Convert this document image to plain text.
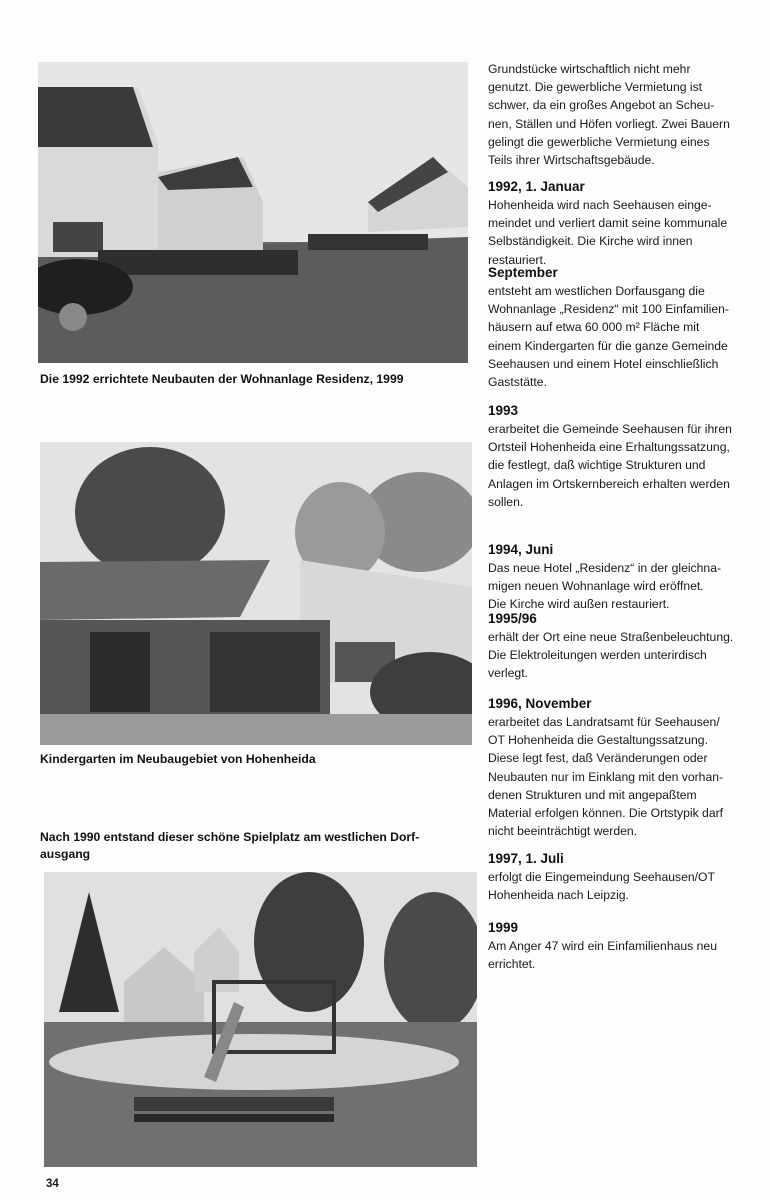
Die 1992 errichtete Neubauten der Wohnanlage Residenz, 1999
Kindergarten im Neubaugebiet von Hohenheida
Nach 1990 entstand dieser schöne Spielplatz am westlichen Dorf-
ausgang
34
Grundstücke wirtschaftlich nicht mehr
genutzt. Die gewerbliche Vermietung ist
schwer, da ein großes Angebot an Scheu-
nen, Ställen und Höfen vorliegt. Zwei Bauern
gelingt die gewerbliche Vermietung eines
Teils ihrer Wirtschaftsgebäude.
1992, 1. Januar
Hohenheida wird nach Seehausen einge-
meindet und verliert damit seine kommunale
Selbständigkeit. Die Kirche wird innen
restauriert.
September
entsteht am westlichen Dorfausgang die
Wohnanlage „Residenz“ mit 100 Einfamilien-
häusern auf etwa 60 000 m² Fläche mit
einem Kindergarten für die ganze Gemeinde
Seehausen und einem Hotel einschließlich
Gaststätte.
1993
erarbeitet die Gemeinde Seehausen für ihren
Ortsteil Hohenheida eine Erhaltungssatzung,
die festlegt, daß wichtige Strukturen und
Anlagen im Ortskernbereich erhalten werden
sollen.
1994, Juni
Das neue Hotel „Residenz“ in der gleichna-
migen neuen Wohnanlage wird eröffnet.
Die Kirche wird außen restauriert.
1995/96
erhält der Ort eine neue Straßenbeleuchtung.
Die Elektroleitungen werden unterirdisch
verlegt.
1996, November
erarbeitet das Landratsamt für Seehausen/
OT Hohenheida die Gestaltungssatzung.
Diese legt fest, daß Veränderungen oder
Neubauten nur im Einklang mit den vorhan-
denen Strukturen und mit angepaßtem
Material erfolgen können. Die Ortstypik darf
nicht beeinträchtigt werden.
1997, 1. Juli
erfolgt die Eingemeindung Seehausen/OT
Hohenheida nach Leipzig.
1999
Am Anger 47 wird ein Einfamilienhaus neu
errichtet.
